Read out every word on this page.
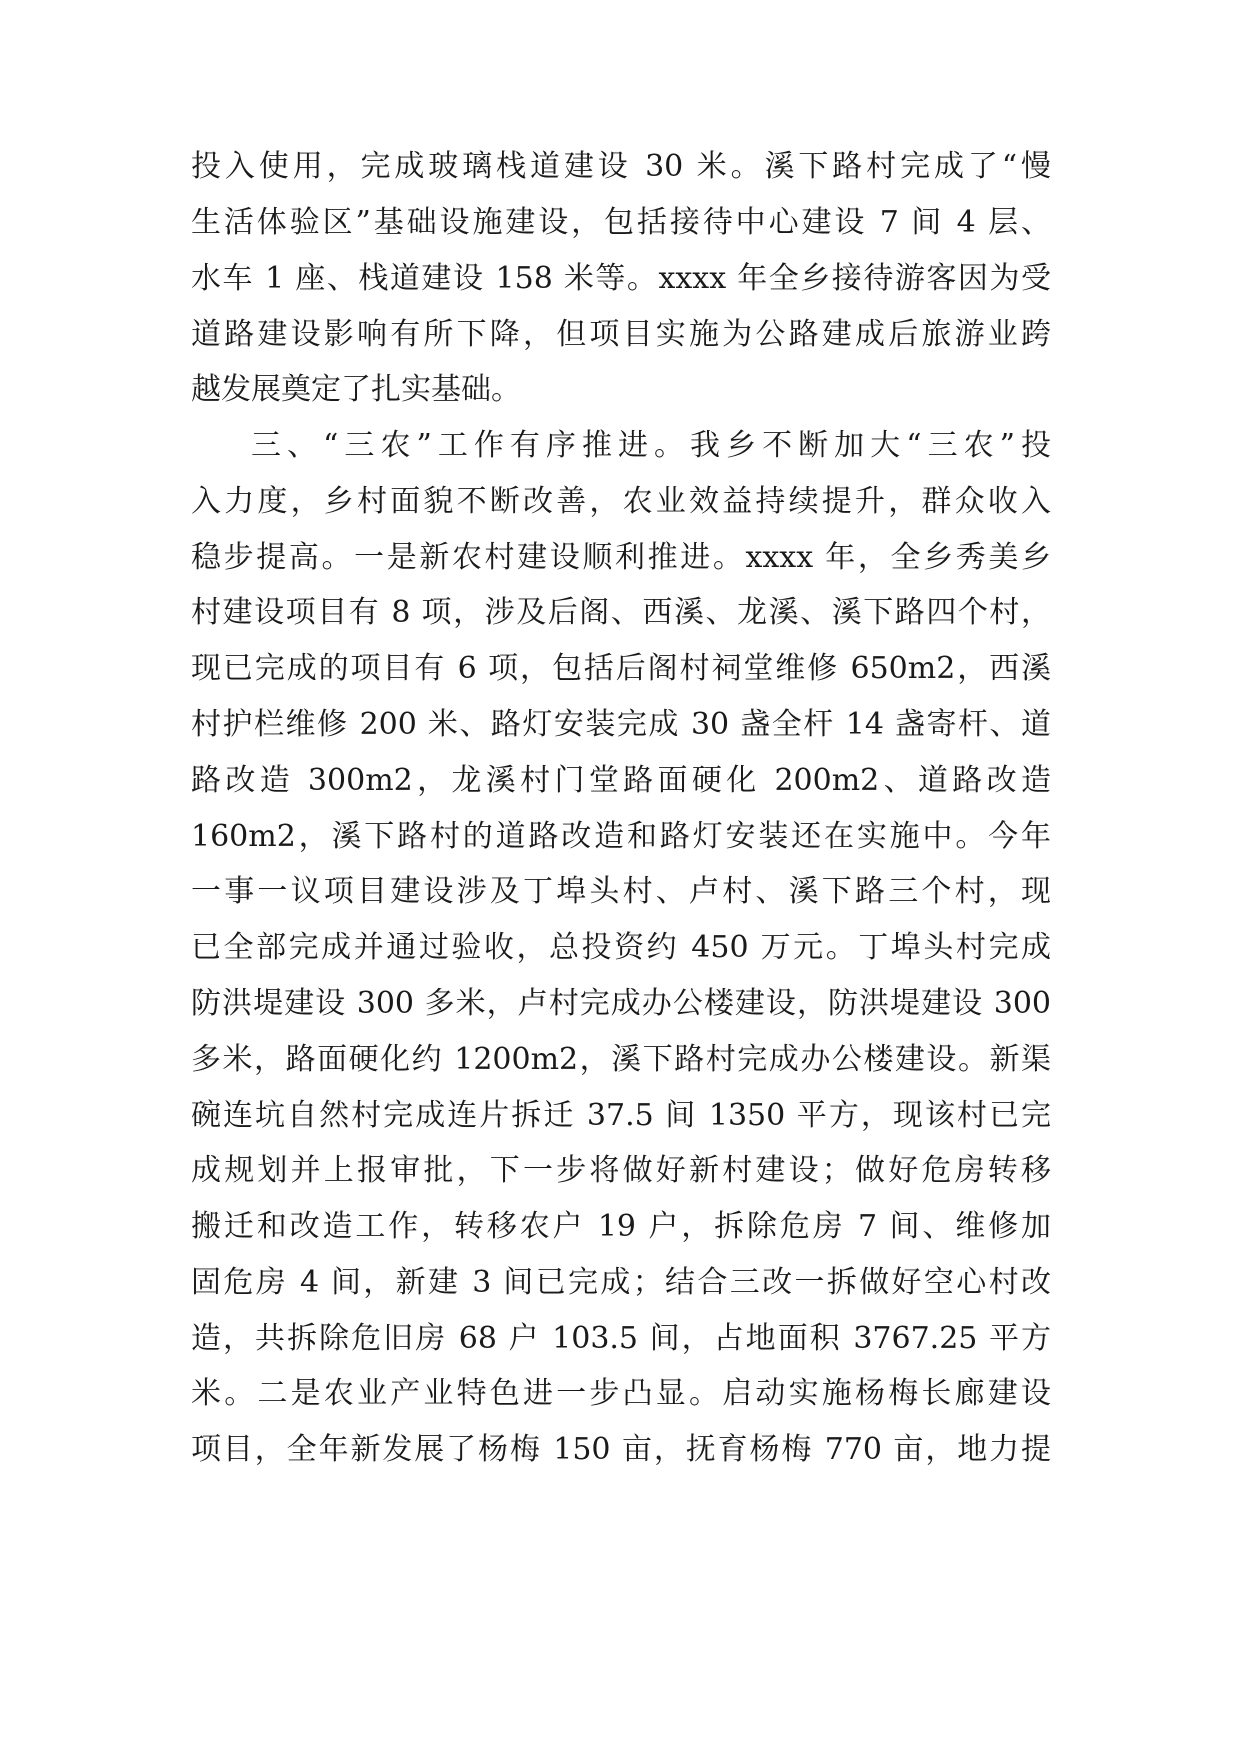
投入使用，完成玻璃栈道建设 30 米。溪下路村完成了“慢
生活体验区”基础设施建设，包括接待中心建设 7 间 4 层、
水车 1 座、栈道建设 158 米等。xxxx 年全乡接待游客因为受
道路建设影响有所下降，但项目实施为公路建成后旅游业跨
越发展奠定了扎实基础。
三、“三农”工作有序推进。我乡不断加大“三农”投
入力度，乡村面貌不断改善，农业效益持续提升，群众收入
稳步提高。一是新农村建设顺利推进。xxxx 年，全乡秀美乡
村建设项目有 8 项，涉及后阁、西溪、龙溪、溪下路四个村，
现已完成的项目有 6 项，包括后阁村祠堂维修 650m2，西溪
村护栏维修 200 米、路灯安装完成 30 盏全杆 14 盏寄杆、道
路改造 300m2，龙溪村门堂路面硬化 200m2、道路改造
160m2，溪下路村的道路改造和路灯安装还在实施中。今年
一事一议项目建设涉及丁埠头村、卢村、溪下路三个村，现
已全部完成并通过验收，总投资约 450 万元。丁埠头村完成
防洪堤建设 300 多米，卢村完成办公楼建设，防洪堤建设 300
多米，路面硬化约 1200m2，溪下路村完成办公楼建设。新渠
碗连坑自然村完成连片拆迁 37.5 间 1350 平方，现该村已完
成规划并上报审批，下一步将做好新村建设；做好危房转移
搬迁和改造工作，转移农户 19 户，拆除危房 7 间、维修加
固危房 4 间，新建 3 间已完成；结合三改一拆做好空心村改
造，共拆除危旧房 68 户 103.5 间，占地面积 3767.25 平方
米。二是农业产业特色进一步凸显。启动实施杨梅长廊建设
项目，全年新发展了杨梅 150 亩，抚育杨梅 770 亩，地力提
